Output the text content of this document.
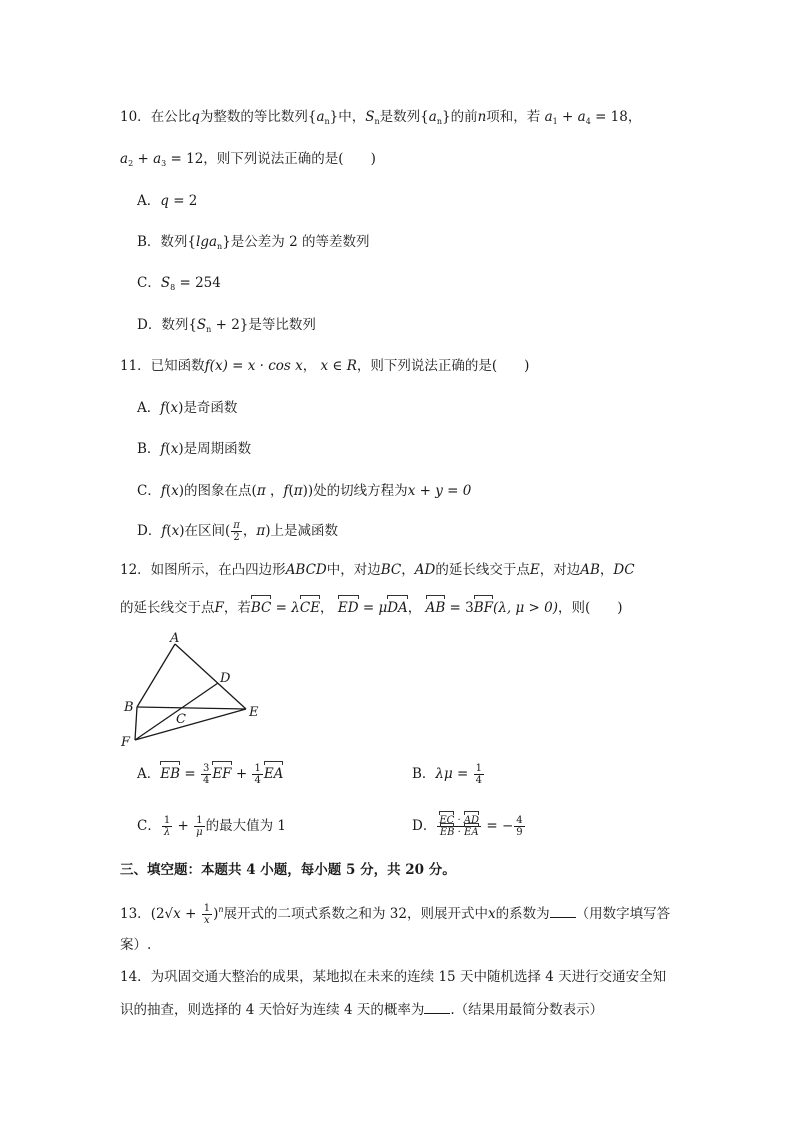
10．在公比q为整数的等比数列$\{a_n\}$中，$S_n$是数列$\{a_n\}$的前n项和，若 $a_1 + a_4 = 18$，
$a_2 + a_3 = 12$，则下列说法正确的是(　　)
A．q = 2
B．数列{lga$_n$}是公差为 2 的等差数列
C．$S_8 = 254$
D．数列$\{S_n + 2\}$是等比数列
11．已知函数f(x) = x · cos x， x ∈ R，则下列说法正确的是(　　)
A．f(x)是奇函数
B．f(x)是周期函数
C．f(x)的图象在点(π ，f(π))处的切线方程为x + y = 0
D．f(x)在区间( $\frac{\pi}{2}$ ，π)上是减函数
12．如图所示，在凸四边形ABCD中，对边BC，AD的延长线交于点E，对边AB，DC
的延长线交于点F，若BC = λCE， ED = μDA， AB = 3BF(λ, μ > 0)，则(　　)
A
D
B
C	E
F
A．EB = $\frac{3}{4}$ EF + $\frac{1}{4}$ EA	B．$\lambda\mu = \frac{1}{4}$
C． $\frac{1}{\lambda} + \frac{1}{\mu}$ 的最大值为 1	D． $\frac{EC \cdot AD}{EB \cdot EA}$ = − $\frac{4}{9}$
三、填空题：本题共 4 小题，每小题 5 分，共 20 分。
13．$(2√x + \frac{1}{x} )^n$展开式的二项式系数之和为 32，则展开式中x的系数为 （用数字填写答
案）.
14．为巩固交通大整治的成果，某地拟在未来的连续 15 天中随机选择 4 天进行交通安全知
识的抽查，则选择的 4 天恰好为连续 4 天的概率为 .（结果用最简分数表示）
